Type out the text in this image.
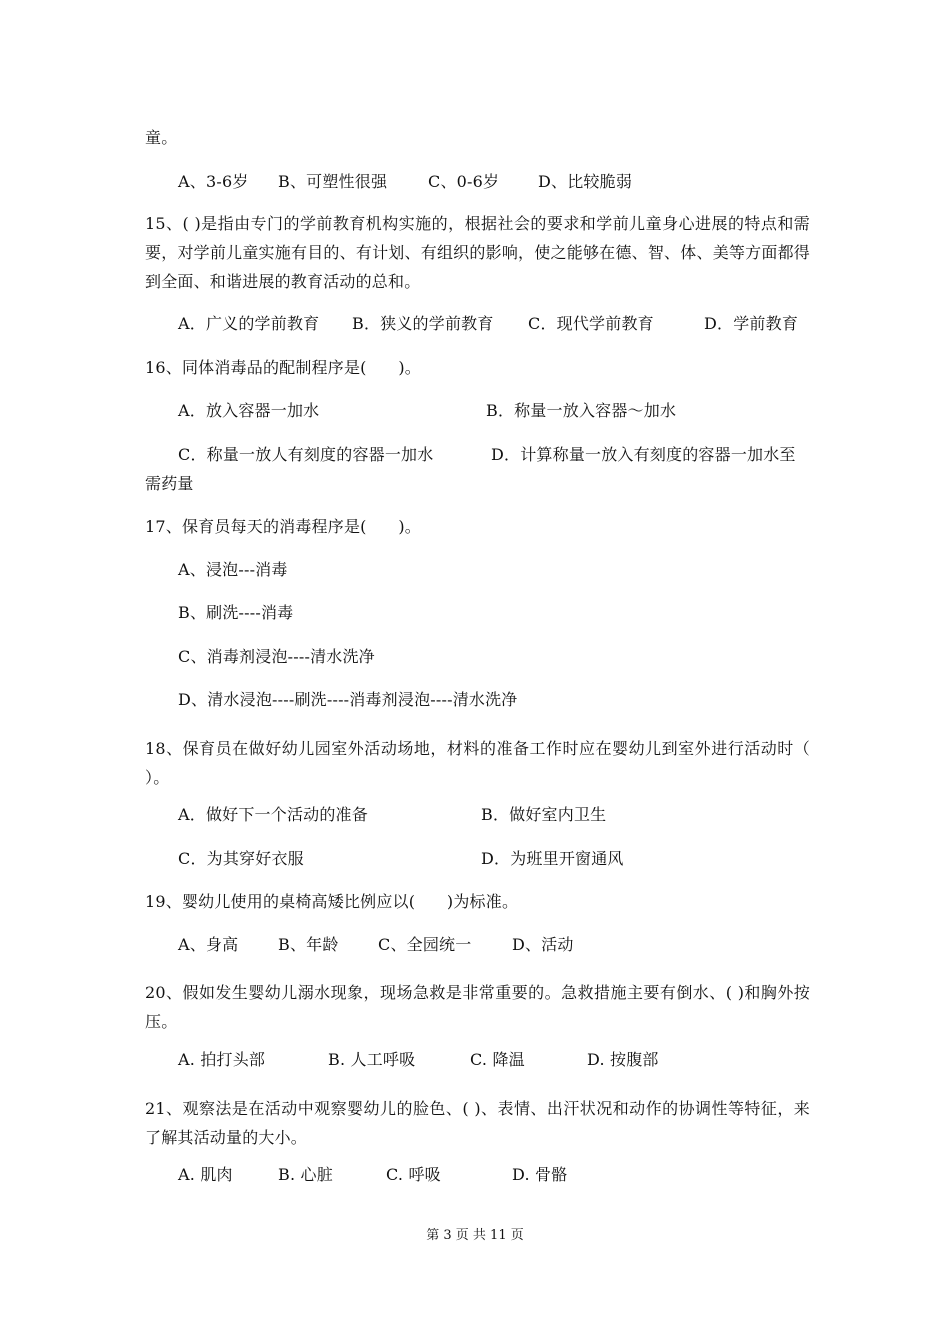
童。
A、3-6岁 B、可塑性很强	C、0-6岁 D、比较脆弱
15、( )是指由专门的学前教育机构实施的，根据社会的要求和学前儿童身心进展的特点和需要，对学前儿童实施有目的、有计划、有组织的影响，使之能够在德、智、体、美等方面都得到全面、和谐进展的教育活动的总和。
A．广义的学前教育 B．狭义的学前教育 C．现代学前教育	D．学前教育
16、同体消毒品的配制程序是(      )。
A．放入容器一加水	B．称量一放入容器～加水
C．称量一放人有刻度的容器一加水	D．计算称量一放入有刻度的容器一加水至
需药量
17、保育员每天的消毒程序是(      )。
A、浸泡---消毒
B、刷洗----消毒
C、消毒剂浸泡----清水洗净
D、清水浸泡----刷洗----消毒剂浸泡----清水洗净
18、保育员在做好幼儿园室外活动场地，材料的准备工作时应在婴幼儿到室外进行活动时（ ）。
A．做好下一个活动的准备	B．做好室内卫生
C．为其穿好衣服	D．为班里开窗通风
19、婴幼儿使用的桌椅高矮比例应以(      )为标准。
A、身高 B、年龄 C、全园统一	D、活动
20、假如发生婴幼儿溺水现象，现场急救是非常重要的。急救措施主要有倒水、( )和胸外按压。
A. 拍打头部	B. 人工呼吸	C. 降温	D. 按腹部
21、观察法是在活动中观察婴幼儿的脸色、( )、表情、出汗状况和动作的协调性等特征，来了解其活动量的大小。
A. 肌肉	B. 心脏	C. 呼吸	D. 骨骼
第 3 页 共 11 页
